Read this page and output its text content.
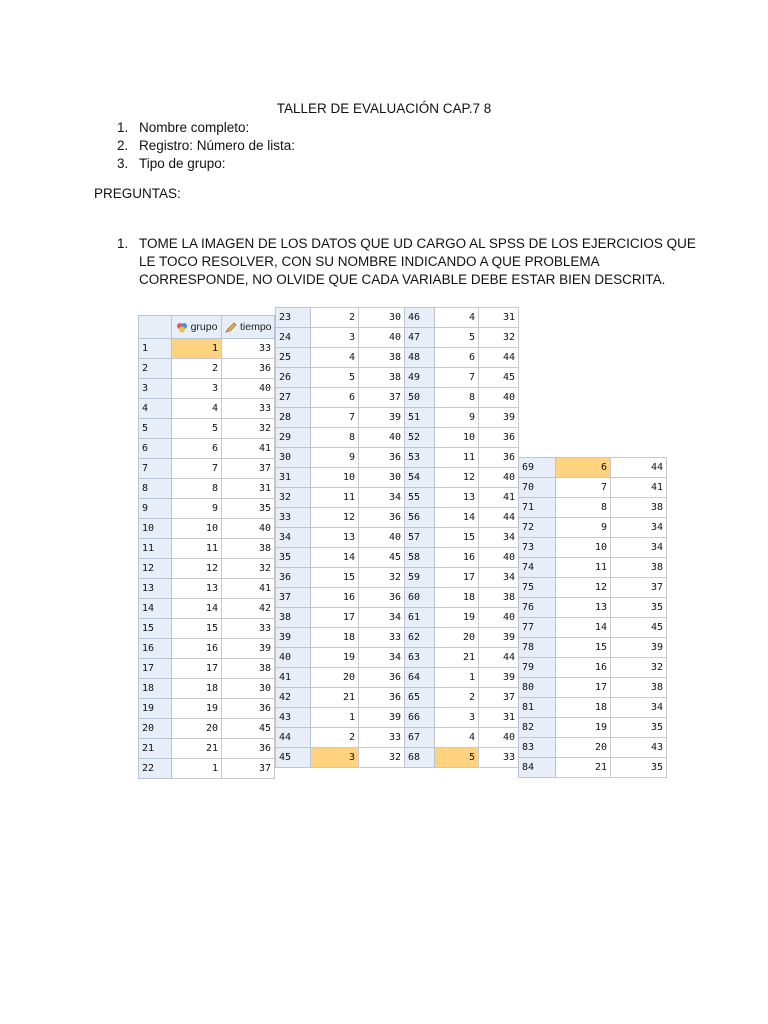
TALLER DE EVALUACIÓN CAP.7 8
1. Nombre completo:
2. Registro: Número de lista:
3. Tipo de grupo:
PREGUNTAS:
1. TOME LA IMAGEN DE LOS DATOS QUE UD CARGO AL SPSS DE LOS EJERCICIOS QUE LE TOCO RESOLVER, CON SU NOMBRE INDICANDO A QUE PROBLEMA CORRESPONDE, NO OLVIDE QUE CADA VARIABLE DEBE ESTAR BIEN DESCRITA.
	grupo	tiempo
1	1	33
2	2	36
3	3	40
4	4	33
5	5	32
6	6	41
7	7	37
8	8	31
9	9	35
10	10	40
11	11	38
12	12	32
13	13	41
14	14	42
15	15	33
16	16	39
17	17	38
18	18	30
19	19	36
20	20	45
21	21	36
22	1	37
23	2	30
24	3	40
25	4	38
26	5	38
27	6	37
28	7	39
29	8	40
30	9	36
31	10	30
32	11	34
33	12	36
34	13	40
35	14	45
36	15	32
37	16	36
38	17	34
39	18	33
40	19	34
41	20	36
42	21	36
43	1	39
44	2	33
45	3	32
46	4	31
47	5	32
48	6	44
49	7	45
50	8	40
51	9	39
52	10	36
53	11	36
54	12	40
55	13	41
56	14	44
57	15	34
58	16	40
59	17	34
60	18	38
61	19	40
62	20	39
63	21	44
64	1	39
65	2	37
66	3	31
67	4	40
68	5	33
69	6	44
70	7	41
71	8	38
72	9	34
73	10	34
74	11	38
75	12	37
76	13	35
77	14	45
78	15	39
79	16	32
80	17	38
81	18	34
82	19	35
83	20	43
84	21	35
